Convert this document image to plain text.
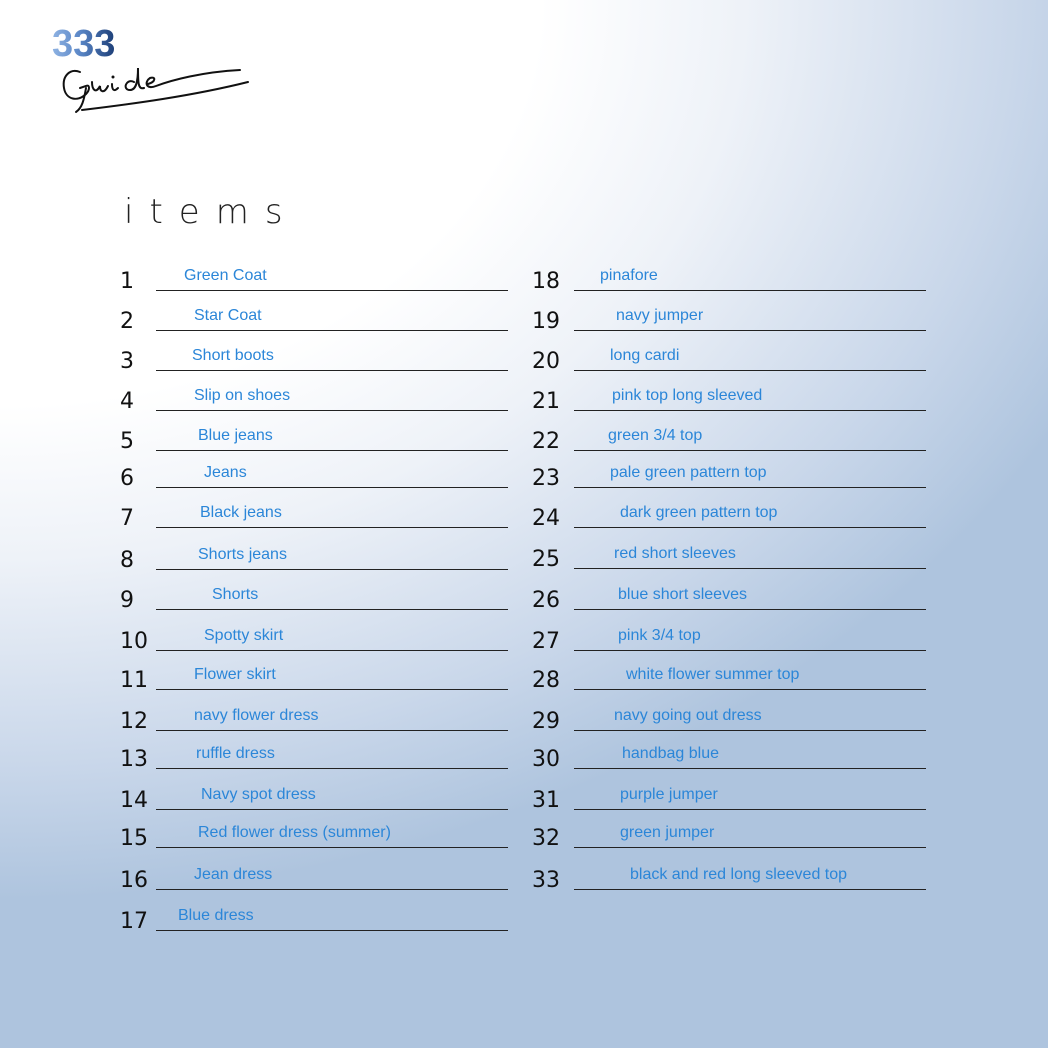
333
items
1	Green Coat
2	Star Coat
3	Short boots
4	Slip on shoes
5	Blue jeans
6	Jeans
7	Black jeans
8	Shorts jeans
9	Shorts
10	Spotty skirt
11	Flower skirt
12	navy flower dress
13	ruffle dress
14	Navy spot dress
15	Red flower dress (summer)
16	Jean dress
17	Blue dress
18	pinafore
19	navy jumper
20	long cardi
21	pink top long sleeved
22	green 3/4 top
23	pale green pattern top
24	dark green pattern top
25	red short sleeves
26	blue short sleeves
27	pink 3/4 top
28	white flower summer top
29	navy going out dress
30	handbag blue
31	purple jumper
32	green jumper
33	black and red long sleeved top
